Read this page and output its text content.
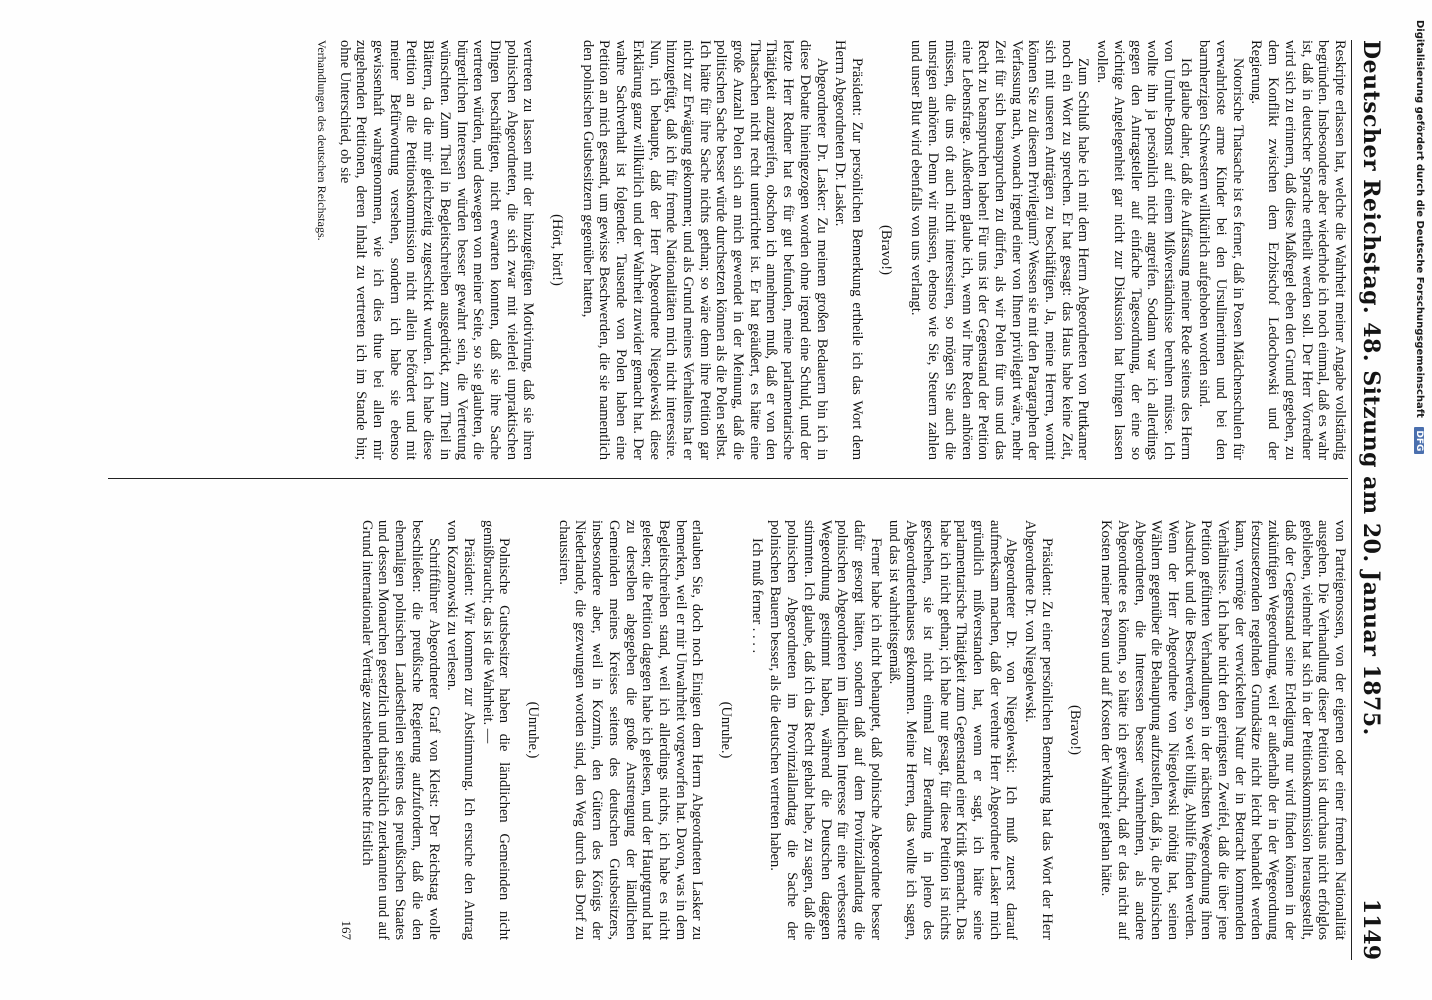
Deutscher Reichstag. 48. Sitzung am 20. Januar 1875.
1149

Reskripte erlassen hat, welche die Wahrheit meiner Angabe vollständig begründen. Insbesondere aber wiederhole ich noch einmal, daß es wahr ist, daß in deutscher Sprache ertheilt werden soll. Der Herr Vorredner wird sich zu erinnern, daß diese Maßregel eben den Grund gegeben, zu dem Konflikt zwischen dem Erzbischof Ledochowski und der Regierung.

Notorische Thatsache ist es ferner, daß in Posen Mädchenschulen für verwahrloste arme Kinder bei den Ursulinerinnen und bei den barmherzigen Schwestern willkürlich aufgehoben worden sind.

Ich glaube daher, daß die Auffassung meiner Rede seitens des Herrn von Unruhe-Bomst auf einem Mißverständnisse beruhen müsse. Ich wollte ihn ja persönlich nicht angreifen. Sodann war ich allerdings gegen den Antragsteller auf einfache Tagesordnung, der eine so wichtige Angelegenheit gar nicht zur Diskussion hat bringen lassen wollen.

Zum Schluß habe ich mit dem Herrn Abgeordneten von Puttkamer noch ein Wort zu sprechen. Er hat gesagt: das Haus habe keine Zeit, sich mit unseren Anträgen zu beschäftigen. Ja, meine Herren, womit können Sie zu diesem Privilegium? Wessen sie mit den Paragraphen der Verfassung nach, wonach irgend einer von Ihnen privilegirt wäre, mehr Zeit für sich beanspruchen zu dürfen, als wir Polen für uns und das Recht zu beanspruchen haben! Für uns ist der Gegenstand der Petition eine Lebensfrage. Außerdem glaube ich, wenn wir Ihre Reden anhören müssen, die uns oft auch nicht interessiren, so mögen Sie auch die unsrigen anhören. Denn wir müssen, ebenso wie Sie, Steuern zahlen und unser Blut wird ebenfalls von uns verlangt.

(Bravo!)

Präsident: Zur persönlichen Bemerkung ertheile ich das Wort dem Herrn Abgeordneten Dr. Lasker.

Abgeordneter Dr. Lasker: Zu meinem großen Bedauern bin ich in diese Debatte hineingezogen worden ohne irgend eine Schuld, und der letzte Herr Redner hat es für gut befunden, meine parlamentarische Thätigkeit anzugreifen, obschon ich annehmen muß, daß er von den Thatsachen nicht recht unterrichtet ist. Er hat geäußert, es hätte eine große Anzahl Polen sich an mich gewendet in der Meinung, daß die politischen Sache besser würde durchsetzen können als die Polen selbst. Ich hätte für ihre Sache nichts gethan; so wäre denn ihre Petition gar nicht zur Erwägung gekommen; und als Grund meines Verhaltens hat er hinzugefügt, daß ich für fremde Nationalitäten mich nicht interessire. Nun, ich behaupte, daß der Herr Abgeordnete Niegolewski diese Erklärung ganz willkürlich und der Wahrheit zuwider gemacht hat. Der wahre Sachverhalt ist folgender. Tausende von Polen haben eine Petition an mich gesandt, um gewisse Beschwerden, die sie namentlich den polnischen Gutsbesitzern gegenüber hatten,

(Hört, hört!)

vertreten zu lassen mit der hinzugefügten Motivirung, daß sie ihren polnischen Abgeordneten, die sich zwar mit vielerlei unpraktischen Dingen beschäftigten, nicht erwarten konnten, daß sie ihre Sache vertreten würden, und deswegen von meiner Seite, so sie glaubten, die bürgerlichen Interessen würden besser gewahrt sein, die Vertretung wünschten. Zum Theil in Begleitschreiben ausgedrückt, zum Theil in Blättern, da die mir gleichzeitig zugeschickt wurden. Ich habe diese Petition an die Petitionskommission nicht allein befördert und mit meiner Befürwortung versehen, sondern ich habe sie ebenso gewissenhaft wahrgenommen, wie ich dies thue bei allen mir zugehenden Petitionen, deren Inhalt zu vertreten ich im Stande bin; ohne Unterschied, ob sie

Verhandlungen des deutschen Reichstags.

von Parteigenossen, von der eigenen oder einer fremden Nationalität ausgehen. Die Verhandlung dieser Petition ist durchaus nicht erfolglos geblieben, vielmehr hat sich in der Petitionskommission herausgestellt, daß der Gegenstand seine Erledigung nur wird finden können in der zukünftigen Wegeordnung, weil er außerhalb der in der Wegeordnung festzusetzenden regelnden Grundsätze nicht leicht behandelt werden kann, vermöge der verwickelten Natur der in Betracht kommenden Verhältnisse. Ich habe nicht den geringsten Zweifel, daß die über jene Petition geführten Verhandlungen in der nächsten Wegeordnung ihren Ausdruck und die Beschwerden, so weit billig, Abhilfe finden werden. Wenn der Herr Abgeordnete von Niegolewski nöthig hat, seinen Wählern gegenüber die Behauptung aufzustellen, daß ja, die polnischen Abgeordneten, die Interessen besser wahrnehmen, als andere Abgeordnete es können, so hätte ich gewünscht, daß er das nicht auf Kosten meiner Person und auf Kosten der Wahrheit gethan hätte.

(Bravo!)

Präsident: Zu einer persönlichen Bemerkung hat das Wort der Herr Abgeordnete Dr. von Niegolewski.

Abgeordneter Dr. von Niegolewski: Ich muß zuerst darauf aufmerksam machen, daß der verehrte Herr Abgeordnete Lasker mich gründlich mißverstanden hat, wenn er sagt, ich hätte seine parlamentarische Thätigkeit zum Gegenstand einer Kritik gemacht. Das habe ich nicht gethan; ich habe nur gesagt, für diese Petition ist nichts geschehen, sie ist nicht einmal zur Berathung in pleno des Abgeordnetenhauses gekommen. Meine Herren, das wollte ich sagen, und das ist wahrheitsgemäß.

Ferner habe ich nicht behauptet, daß polnische Abgeordnete besser dafür gesorgt hätten, sondern daß auf dem Provinziallandtag die polnischen Abgeordneten im ländlichen Interesse für eine verbesserte Wegeordnung gestimmt haben, während die Deutschen dagegen stimmten. Ich glaube, daß ich das Recht gehabt habe, zu sagen, daß die polnischen Abgeordneten im Provinziallandtag die Sache der polnischen Bauern besser, als die deutschen vertreten haben.

Ich muß ferner . . . .

(Unruhe.)

erlauben Sie, doch noch Einigen dem Herrn Abgeordneten Lasker zu bemerken, weil er mir Unwahrheit vorgeworfen hat. Davon, was in dem Begleitschreiben stand, weil ich allerdings nichts, ich habe es nicht gelesen; die Petition dagegen habe ich gelesen, und der Hauptgrund hat zu derselben abgegeben die große Anstrengung der ländlichen Gemeinden meines Kreises seitens des deutschen Gutsbesitzers, insbesondere aber, weil in Kozmin, den Gütern des Königs der Niederlande, die gezwungen worden sind, den Weg durch das Dorf zu chaussiren.

(Unruhe.)

Polnische Gutsbesitzer haben die ländlichen Gemeinden nicht gemißbraucht; das ist die Wahrheit. —

Präsident: Wir kommen zur Abstimmung. Ich ersuche den Antrag von Kozanowski zu verlesen.

Schriftführer Abgeordneter Graf von Kleist: Der Reichstag wolle beschließen: die preußische Regierung aufzufordern, daß die den ehemaligen polnischen Landestheilen seitens des preußischen Staates und dessen Monarchen gesetzlich und thatsächlich zuerkannten und auf Grund internationaler Verträge zustehenden Rechte fristlich

167

Digitalisierung gefördert durch die Deutsche Forschungsgemeinschaft DFG
